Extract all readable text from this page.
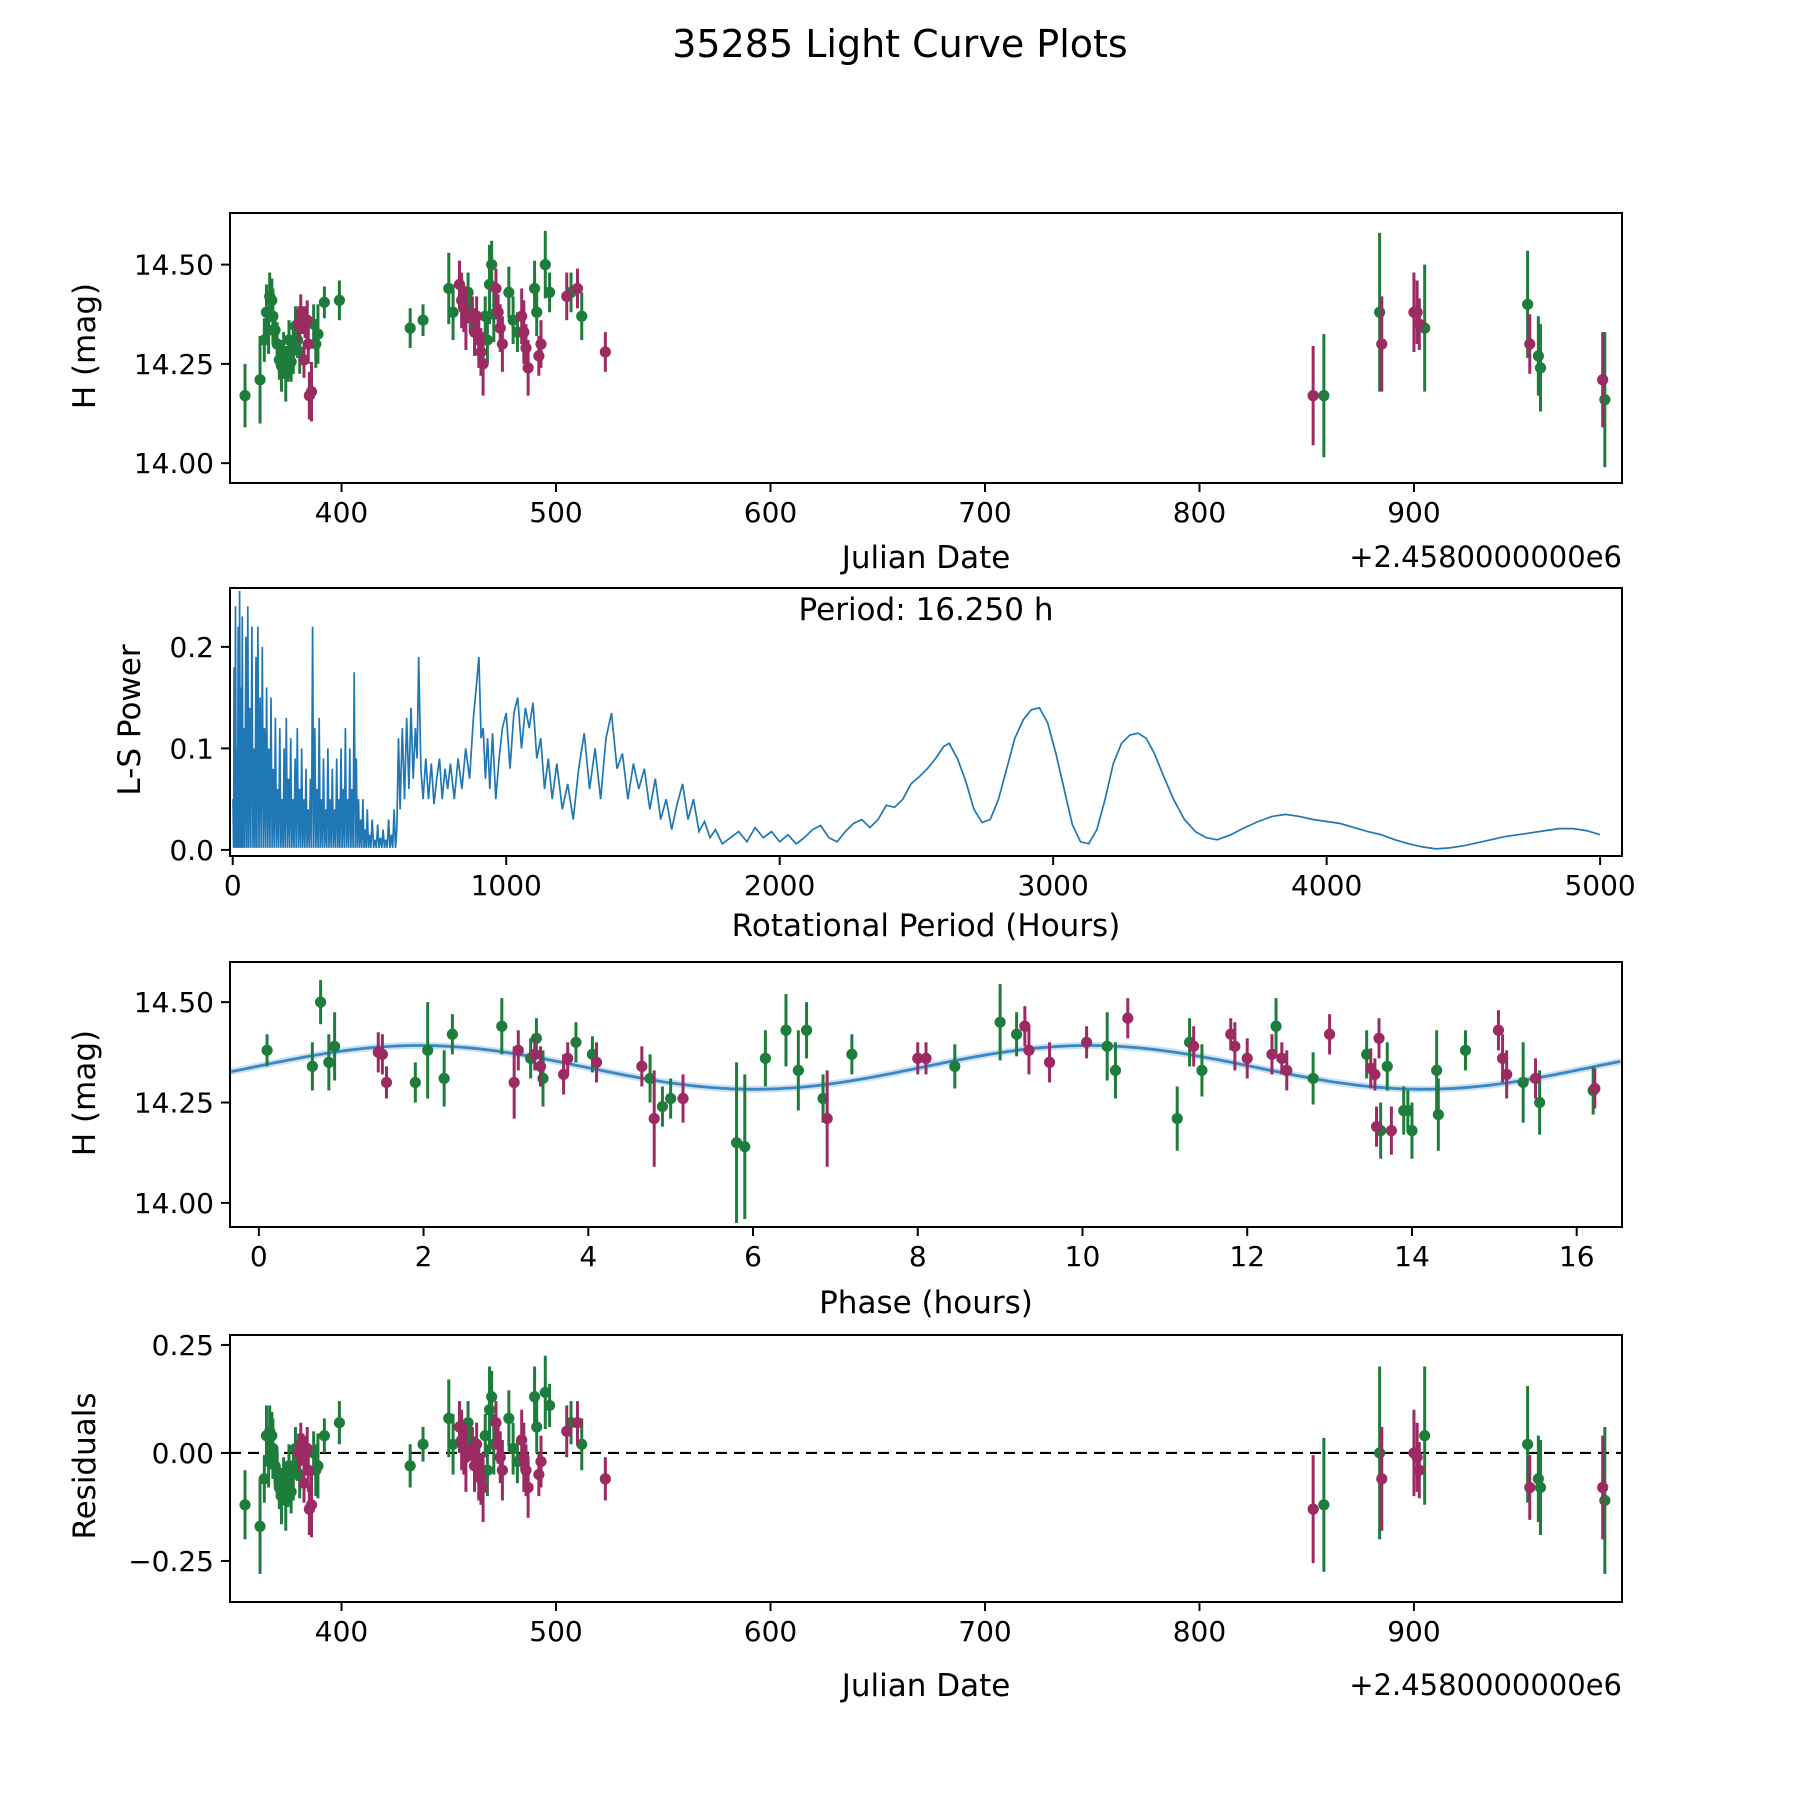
400	500	600	700	800	900
14.00
14.25
14.50
0	1000	2000	3000	4000	5000
0.0
0.1
0.2
0	2	4	6	8	10	12	14	16
14.00
14.25
14.50
400	500	600	700	800	900
−0.25
0.00
0.25
35285 Light Curve Plots
H (mag)
Julian Date	+2.4580000000e6
L-S Power
Rotational Period (Hours)
Period: 16.250 h
H (mag)
Phase (hours)
Residuals
Julian Date	+2.4580000000e6
